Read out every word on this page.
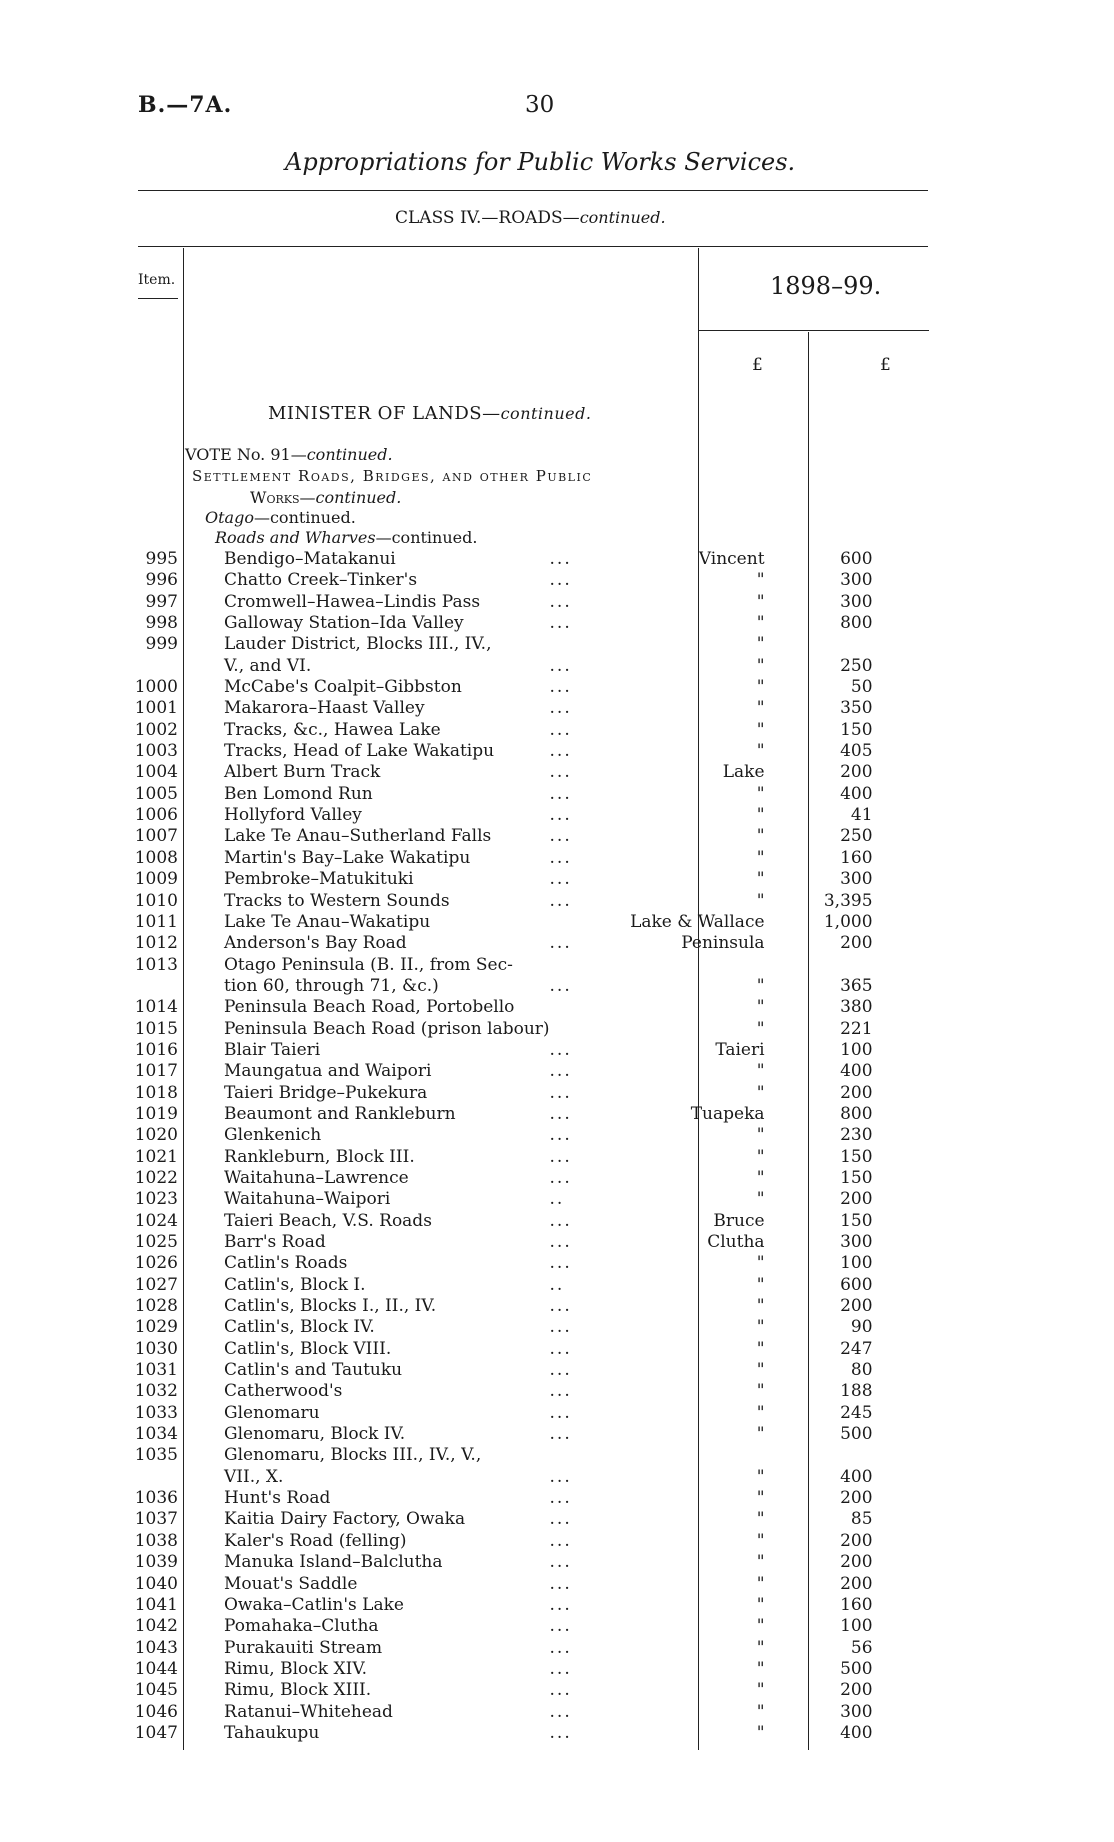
B.—7A.	30
Appropriations for Public Works Services.
CLASS IV.—ROADS—continued.
Item.	1898–99.
£	£
MINISTER OF LANDS—continued.
VOTE No. 91—continued.
Settlement Roads, Bridges, and other Public
Works—continued.
Otago—continued.
Roads and Wharves—continued.
995	Bendigo–Matakanui	...	Vincent	600
996	Chatto Creek–Tinker's	...	"	300
997	Cromwell–Hawea–Lindis Pass	...	"	300
998	Galloway Station–Ida Valley	...	"	800
999	Lauder District, Blocks III., IV.,		"	
	V., and VI.	...	"	250
1000	McCabe's Coalpit–Gibbston	...	"	50
1001	Makarora–Haast Valley	...	"	350
1002	Tracks, &c., Hawea Lake	...	"	150
1003	Tracks, Head of Lake Wakatipu	...	"	405
1004	Albert Burn Track	...	Lake	200
1005	Ben Lomond Run	...	"	400
1006	Hollyford Valley	...	"	41
1007	Lake Te Anau–Sutherland Falls	...	"	250
1008	Martin's Bay–Lake Wakatipu	...	"	160
1009	Pembroke–Matukituki	...	"	300
1010	Tracks to Western Sounds	...	"	3,395
1011	Lake Te Anau–Wakatipu		Lake & Wallace	1,000
1012	Anderson's Bay Road	...	Peninsula	200
1013	Otago Peninsula (B. II., from Sec-			
	tion 60, through 71, &c.)	...	"	365
1014	Peninsula Beach Road, Portobello		"	380
1015	Peninsula Beach Road (prison labour)		"	221
1016	Blair Taieri	...	Taieri	100
1017	Maungatua and Waipori	...	"	400
1018	Taieri Bridge–Pukekura	...	"	200
1019	Beaumont and Rankleburn	...	Tuapeka	800
1020	Glenkenich	...	"	230
1021	Rankleburn, Block III.	...	"	150
1022	Waitahuna–Lawrence	...	"	150
1023	Waitahuna–Waipori	..	"	200
1024	Taieri Beach, V.S. Roads	...	Bruce	150
1025	Barr's Road	...	Clutha	300
1026	Catlin's Roads	...	"	100
1027	Catlin's, Block I.	..	"	600
1028	Catlin's, Blocks I., II., IV.	...	"	200
1029	Catlin's, Block IV.	...	"	90
1030	Catlin's, Block VIII.	...	"	247
1031	Catlin's and Tautuku	...	"	80
1032	Catherwood's	...	"	188
1033	Glenomaru	...	"	245
1034	Glenomaru, Block IV.	...	"	500
1035	Glenomaru, Blocks III., IV., V.,			
	VII., X.	...	"	400
1036	Hunt's Road	...	"	200
1037	Kaitia Dairy Factory, Owaka	...	"	85
1038	Kaler's Road (felling)	...	"	200
1039	Manuka Island–Balclutha	...	"	200
1040	Mouat's Saddle	...	"	200
1041	Owaka–Catlin's Lake	...	"	160
1042	Pomahaka–Clutha	...	"	100
1043	Purakauiti Stream	...	"	56
1044	Rimu, Block XIV.	...	"	500
1045	Rimu, Block XIII.	...	"	200
1046	Ratanui–Whitehead	...	"	300
1047	Tahaukupu	...	"	400
